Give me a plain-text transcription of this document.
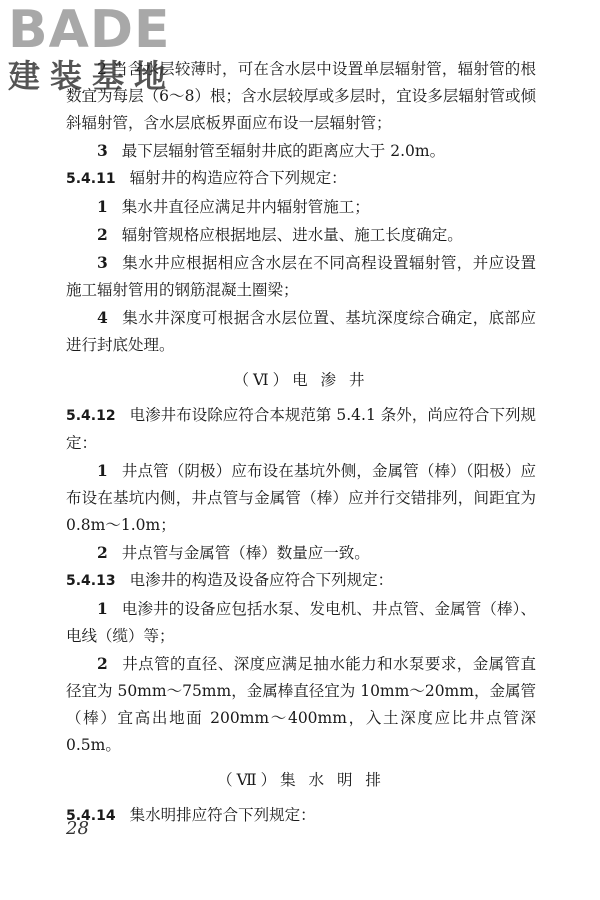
BADE
建装基地

2 当含水层较薄时，可在含水层中设置单层辐射管，辐射管的根数宜为每层（6～8）根；含水层较厚或多层时，宜设多层辐射管或倾斜辐射管，含水层底板界面应布设一层辐射管；

3 最下层辐射管至辐射井底的距离应大于 2.0m。

5.4.11 辐射井的构造应符合下列规定：

1 集水井直径应满足井内辐射管施工；

2 辐射管规格应根据地层、进水量、施工长度确定。

3 集水井应根据相应含水层在不同高程设置辐射管，并应设置施工辐射管用的钢筋混凝土圈梁；

4 集水井深度可根据含水层位置、基坑深度综合确定，底部应进行封底处理。

（Ⅵ）电 渗 井

5.4.12 电渗井布设除应符合本规范第 5.4.1 条外，尚应符合下列规定：

1 井点管（阴极）应布设在基坑外侧，金属管（棒）（阳极）应布设在基坑内侧，井点管与金属管（棒）应并行交错排列，间距宜为 0.8m～1.0m；

2 井点管与金属管（棒）数量应一致。

5.4.13 电渗井的构造及设备应符合下列规定：

1 电渗井的设备应包括水泵、发电机、井点管、金属管（棒）、电线（缆）等；

2 井点管的直径、深度应满足抽水能力和水泵要求，金属管直径宜为 50mm～75mm，金属棒直径宜为 10mm～20mm，金属管（棒）宜高出地面 200mm～400mm，入土深度应比井点管深 0.5m。

（Ⅶ）集 水 明 排

5.4.14 集水明排应符合下列规定：

28
